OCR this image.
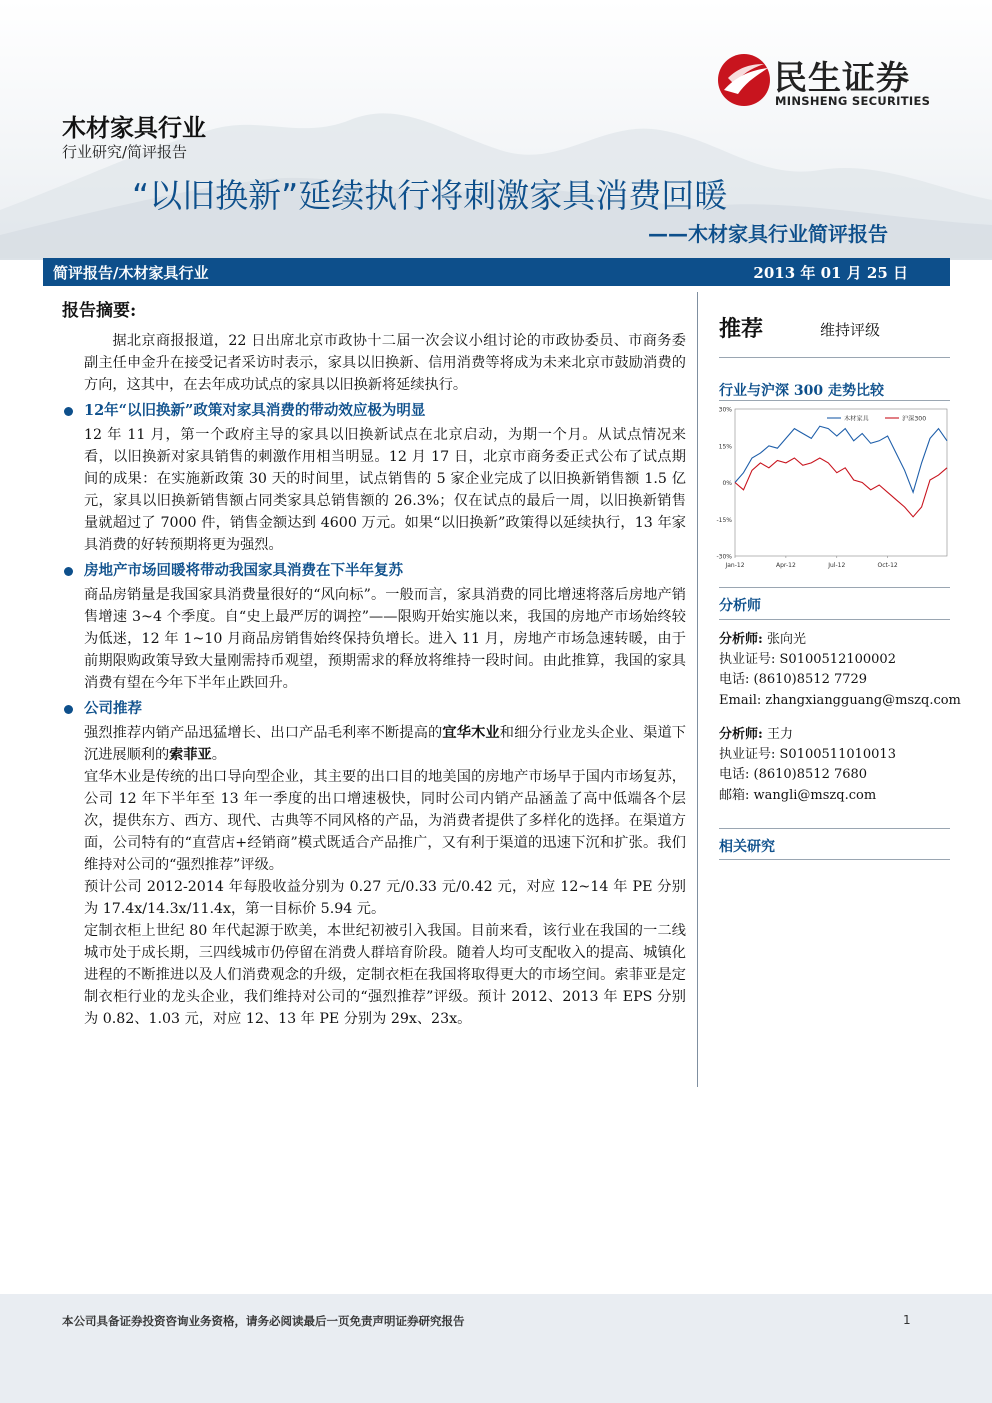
民生证券
MINSHENG SECURITIES
木材家具行业
行业研究/简评报告
“以旧换新”延续执行将刺激家具消费回暖
——木材家具行业简评报告
简评报告/木材家具行业	2013 年 01 月 25 日
报告摘要:

据北京商报报道，22 日出席北京市政协十二届一次会议小组讨论的市政协委员、市商务委副主任申金升在接受记者采访时表示，家具以旧换新、信用消费等将成为未来北京市鼓励消费的方向，这其中，在去年成功试点的家具以旧换新将延续执行。

12年“以旧换新”政策对家具消费的带动效应极为明显

12 年 11 月，第一个政府主导的家具以旧换新试点在北京启动，为期一个月。从试点情况来看，以旧换新对家具销售的刺激作用相当明显。12 月 17 日，北京市商务委正式公布了试点期间的成果：在实施新政策 30 天的时间里，试点销售的 5 家企业完成了以旧换新销售额 1.5 亿元，家具以旧换新销售额占同类家具总销售额的 26.3%；仅在试点的最后一周，以旧换新销售量就超过了 7000 件，销售金额达到 4600 万元。如果“以旧换新”政策得以延续执行，13 年家具消费的好转预期将更为强烈。

房地产市场回暖将带动我国家具消费在下半年复苏

商品房销量是我国家具消费量很好的“风向标”。一般而言，家具消费的同比增速将落后房地产销售增速 3~4 个季度。自“史上最严厉的调控”——限购开始实施以来，我国的房地产市场始终较为低迷，12 年 1~10 月商品房销售始终保持负增长。进入 11 月，房地产市场急速转暖，由于前期限购政策导致大量刚需持币观望，预期需求的释放将维持一段时间。由此推算，我国的家具消费有望在今年下半年止跌回升。

公司推荐

强烈推荐内销产品迅猛增长、出口产品毛利率不断提高的宜华木业和细分行业龙头企业、渠道下沉进展顺利的索菲亚。

宜华木业是传统的出口导向型企业，其主要的出口目的地美国的房地产市场早于国内市场复苏，公司 12 年下半年至 13 年一季度的出口增速极快，同时公司内销产品涵盖了高中低端各个层次，提供东方、西方、现代、古典等不同风格的产品，为消费者提供了多样化的选择。在渠道方面，公司特有的“直营店+经销商”模式既适合产品推广，又有利于渠道的迅速下沉和扩张。我们维持对公司的“强烈推荐”评级。

预计公司 2012-2014 年每股收益分别为 0.27 元/0.33 元/0.42 元，对应 12~14 年 PE 分别为 17.4x/14.3x/11.4x，第一目标价 5.94 元。

定制衣柜上世纪 80 年代起源于欧美，本世纪初被引入我国。目前来看，该行业在我国的一二线城市处于成长期，三四线城市仍停留在消费人群培育阶段。随着人均可支配收入的提高、城镇化进程的不断推进以及人们消费观念的升级，定制衣柜在我国将取得更大的市场空间。索菲亚是定制衣柜行业的龙头企业，我们维持对公司的“强烈推荐”评级。预计 2012、2013 年 EPS 分别为 0.82、1.03 元，对应 12、13 年 PE 分别为 29x、23x。

推荐	维持评级
行业与沪深 300 走势比较
30%
15%
0%
-15%
-30%
Jan-12	Apr-12	Jul-12	Oct-12
木材家具	沪深300
分析师
分析师: 张向光
执业证号: S0100512100002
电话: (8610)8512 7729
Email: zhangxiangguang@mszq.com
分析师: 王力
执业证号: S0100511010013
电话: (8610)8512 7680
邮箱: wangli@mszq.com
相关研究
本公司具备证券投资咨询业务资格，请务必阅读最后一页免责声明证券研究报告	1
